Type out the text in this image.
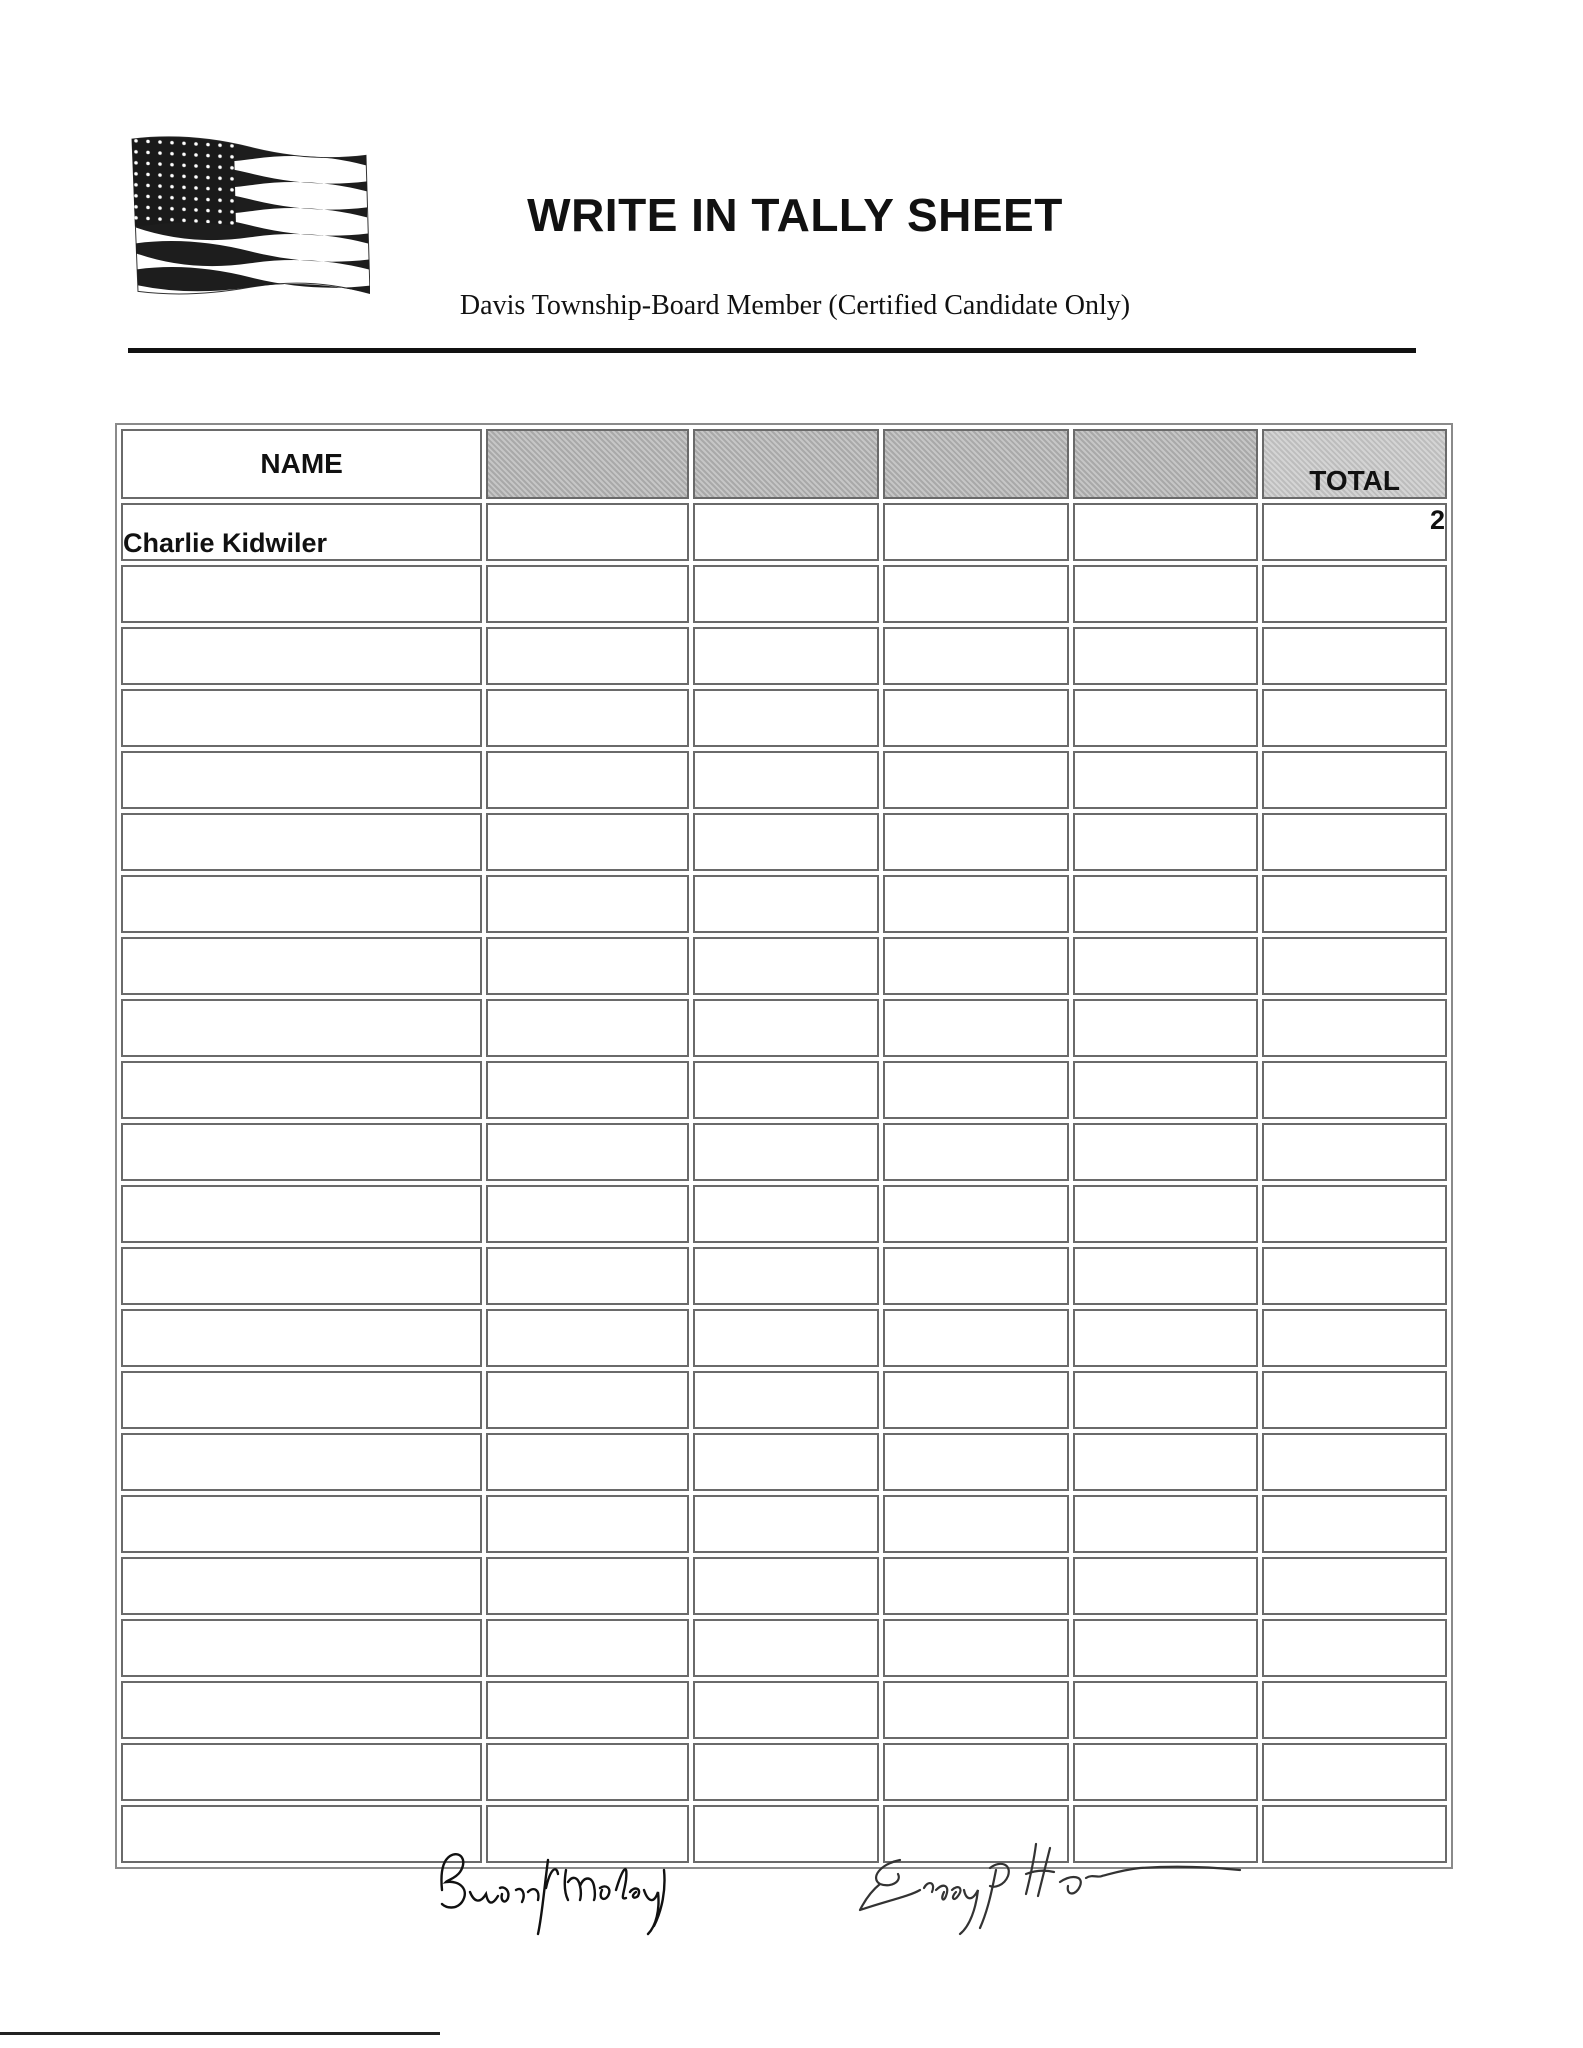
WRITE IN TALLY SHEET
Davis Township-Board Member (Certified Candidate Only)
NAME					TOTAL
Charlie Kidwiler					2
